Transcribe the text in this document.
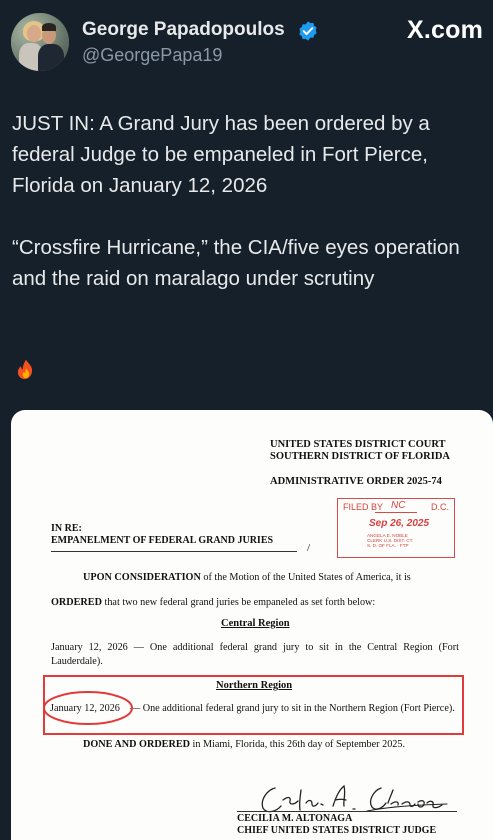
George Papadopoulos
@GeorgePapa19
X.com

JUST IN: A Grand Jury has been ordered by a federal Judge to be empaneled in Fort Pierce, Florida on January 12, 2026

“Crossfire Hurricane,” the CIA/five eyes operation and the raid on maralago under scrutiny

UNITED STATES DISTRICT COURT
SOUTHERN DISTRICT OF FLORIDA
ADMINISTRATIVE ORDER 2025-74
FILED BY NC	D.C.
Sep 26, 2025
ANGELA E. NOBLE
CLERK U.S. DIST. CT.
S. D. OF FLA. · FTP
IN RE:
EMPANELMENT OF FEDERAL GRAND JURIES
/
UPON CONSIDERATION of the Motion of the United States of America, it is
ORDERED that two new federal grand juries be empaneled as set forth below:
Central Region
January 12, 2026 — One additional federal grand jury to sit in the Central Region (Fort Lauderdale).
Northern Region
January 12, 2026 — One additional federal grand jury to sit in the Northern Region (Fort Pierce).
DONE AND ORDERED in Miami, Florida, this 26th day of September 2025.
CECILIA M. ALTONAGA
CHIEF UNITED STATES DISTRICT JUDGE
